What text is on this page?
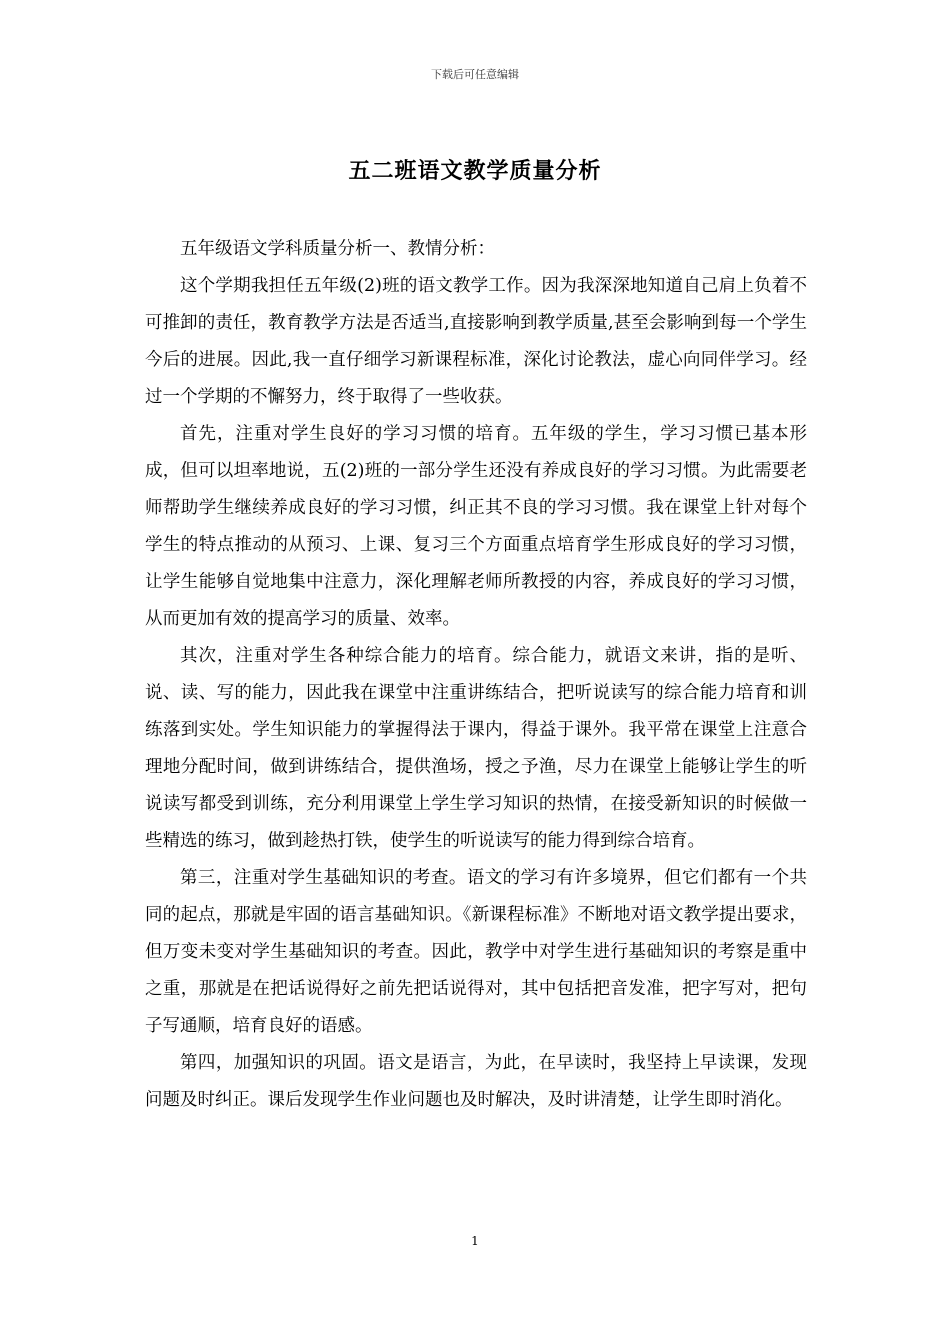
下载后可任意编辑
五二班语文教学质量分析

五年级语文学科质量分析一、教情分析：

这个学期我担任五年级(2)班的语文教学工作。因为我深深地知道自己肩上负着不可推卸的责任，教育教学方法是否适当,直接影响到教学质量,甚至会影响到每一个学生今后的进展。因此,我一直仔细学习新课程标准，深化讨论教法，虚心向同伴学习。经过一个学期的不懈努力，终于取得了一些收获。

首先，注重对学生良好的学习习惯的培育。五年级的学生，学习习惯已基本形成，但可以坦率地说，五(2)班的一部分学生还没有养成良好的学习习惯。为此需要老师帮助学生继续养成良好的学习习惯，纠正其不良的学习习惯。我在课堂上针对每个学生的特点推动的从预习、上课、复习三个方面重点培育学生形成良好的学习习惯，让学生能够自觉地集中注意力，深化理解老师所教授的内容，养成良好的学习习惯，从而更加有效的提高学习的质量、效率。

其次，注重对学生各种综合能力的培育。综合能力，就语文来讲，指的是听、说、读、写的能力，因此我在课堂中注重讲练结合，把听说读写的综合能力培育和训练落到实处。学生知识能力的掌握得法于课内，得益于课外。我平常在课堂上注意合理地分配时间，做到讲练结合，提供渔场，授之予渔，尽力在课堂上能够让学生的听说读写都受到训练，充分利用课堂上学生学习知识的热情，在接受新知识的时候做一些精选的练习，做到趁热打铁，使学生的听说读写的能力得到综合培育。

第三，注重对学生基础知识的考查。语文的学习有许多境界，但它们都有一个共同的起点，那就是牢固的语言基础知识。《新课程标准》不断地对语文教学提出要求，但万变未变对学生基础知识的考查。因此，教学中对学生进行基础知识的考察是重中之重，那就是在把话说得好之前先把话说得对，其中包括把音发准，把字写对，把句子写通顺，培育良好的语感。

第四，加强知识的巩固。语文是语言，为此，在早读时，我坚持上早读课，发现问题及时纠正。课后发现学生作业问题也及时解决，及时讲清楚，让学生即时消化。

1
